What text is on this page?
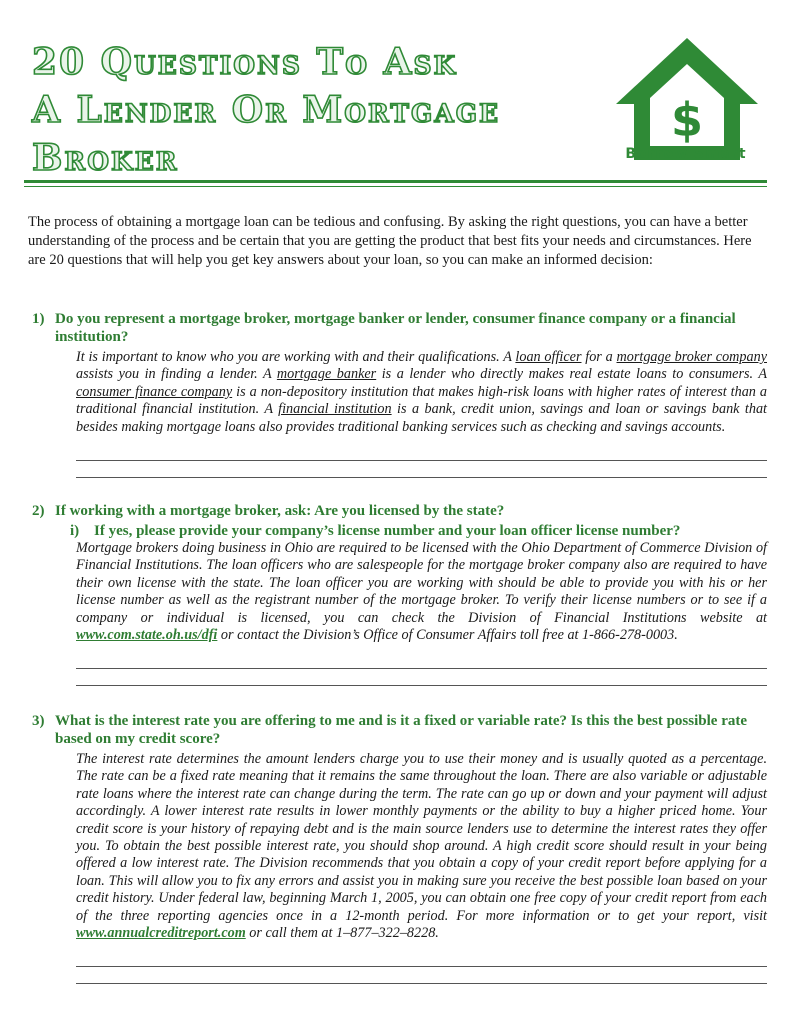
20 Questions To Ask
A Lender Or Mortgage
Broker
$
Borrow Smart

The process of obtaining a mortgage loan can be tedious and confusing. By asking the right questions, you can have a better understanding of the process and be certain that you are getting the product that best fits your needs and circumstances. Here are 20 questions that will help you get key answers about your loan, so you can make an informed decision:

1) Do you represent a mortgage broker, mortgage banker or lender, consumer finance company or a financial institution?

It is important to know who you are working with and their qualifications. A loan officer for a mortgage broker company assists you in finding a lender. A mortgage banker is a lender who directly makes real estate loans to consumers. A consumer finance company is a non-depository institution that makes high-risk loans with higher rates of interest than a traditional financial institution. A financial institution is a bank, credit union, savings and loan or savings bank that besides making mortgage loans also provides traditional banking services such as checking and savings accounts.

2) If working with a mortgage broker, ask: Are you licensed by the state?

i) If yes, please provide your company’s license number and your loan officer license number?

Mortgage brokers doing business in Ohio are required to be licensed with the Ohio Department of Commerce Division of Financial Institutions. The loan officers who are salespeople for the mortgage broker company also are required to have their own license with the state. The loan officer you are working with should be able to provide you with his or her license number as well as the registrant number of the mortgage broker. To verify their license numbers or to see if a company or individual is licensed, you can check the Division of Financial Institutions website at www.com.state.oh.us/dfi or contact the Division’s Office of Consumer Affairs toll free at 1-866-278-0003.

3) What is the interest rate you are offering to me and is it a fixed or variable rate? Is this the best possible rate based on my credit score?

The interest rate determines the amount lenders charge you to use their money and is usually quoted as a percentage. The rate can be a fixed rate meaning that it remains the same throughout the loan. There are also variable or adjustable rate loans where the interest rate can change during the term. The rate can go up or down and your payment will adjust accordingly. A lower interest rate results in lower monthly payments or the ability to buy a higher priced home. Your credit score is your history of repaying debt and is the main source lenders use to determine the interest rates they offer you. To obtain the best possible interest rate, you should shop around. A high credit score should result in your being offered a low interest rate. The Division recommends that you obtain a copy of your credit report before applying for a loan. This will allow you to fix any errors and assist you in making sure you receive the best possible loan based on your credit history. Under federal law, beginning March 1, 2005, you can obtain one free copy of your credit report from each of the three reporting agencies once in a 12-month period. For more information or to get your report, visit www.annualcreditreport.com or call them at 1–877–322–8228.
